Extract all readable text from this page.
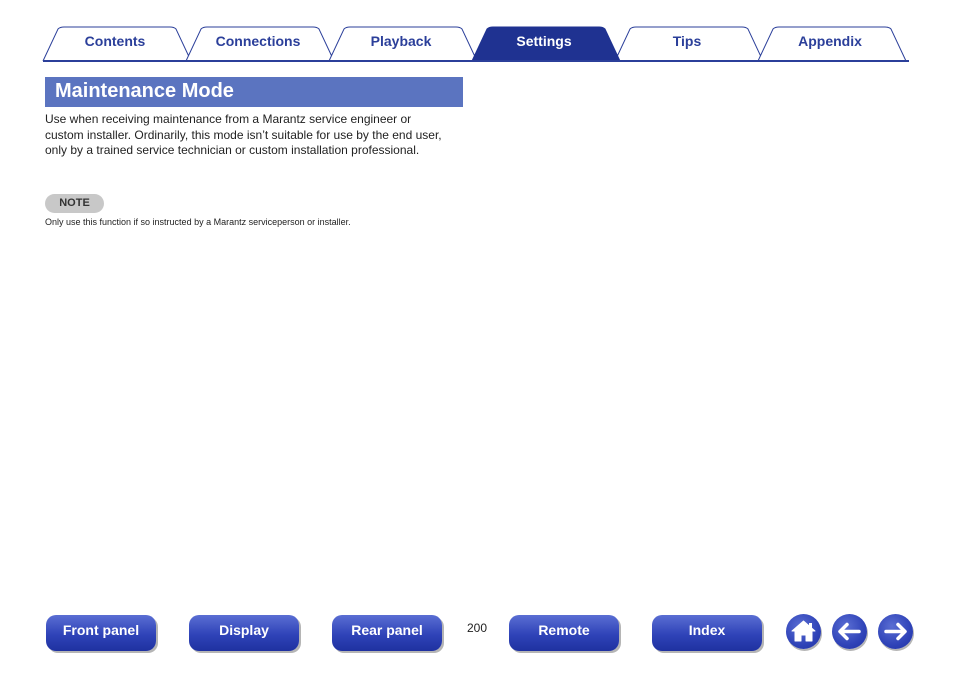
Contents	Connections	Playback	Settings	Tips	Appendix
Maintenance Mode
Use when receiving maintenance from a Marantz service engineer or custom installer. Ordinarily, this mode isn’t suitable for use by the end user, only by a trained service technician or custom installation professional.
NOTE
Only use this function if so instructed by a Marantz serviceperson or installer.
Front panel	Display	Rear panel	200	Remote	Index
